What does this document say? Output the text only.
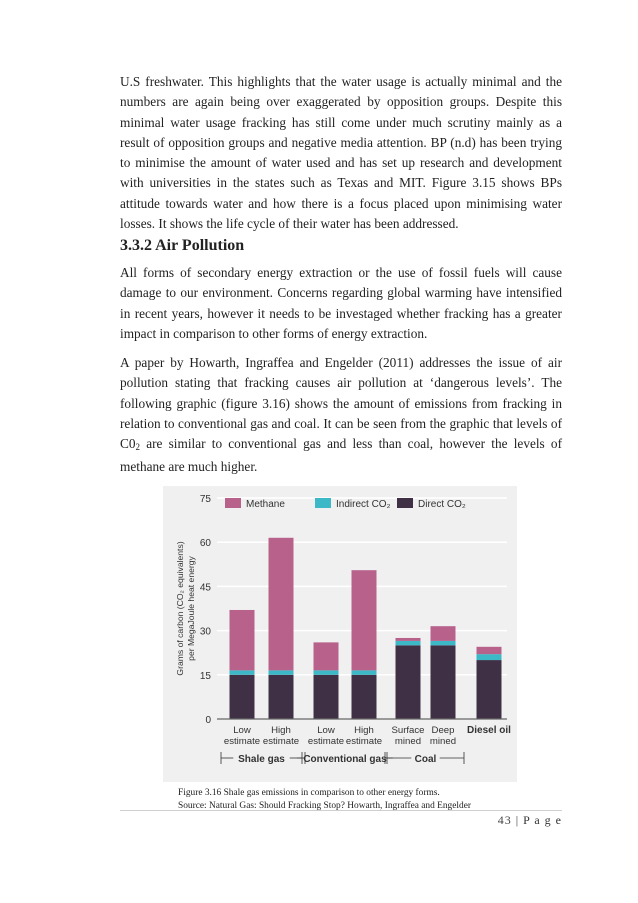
U.S freshwater. This highlights that the water usage is actually minimal and the numbers are again being over exaggerated by opposition groups. Despite this minimal water usage fracking has still come under much scrutiny mainly as a result of opposition groups and negative media attention. BP (n.d) has been trying to minimise the amount of water used and has set up research and development with universities in the states such as Texas and MIT. Figure 3.15 shows BPs attitude towards water and how there is a focus placed upon minimising water losses. It shows the life cycle of their water has been addressed.

3.3.2 Air Pollution

All forms of secondary energy extraction or the use of fossil fuels will cause damage to our environment. Concerns regarding global warming have intensified in recent years, however it needs to be investaged whether fracking has a greater impact in comparison to other forms of energy extraction.

A paper by Howarth, Ingraffea and Engelder (2011) addresses the issue of air pollution stating that fracking causes air pollution at ‘dangerous levels’. The following graphic (figure 3.16) shows the amount of emissions from fracking in relation to conventional gas and coal. It can be seen from the graphic that levels of C02 are similar to conventional gas and less than coal, however the levels of methane are much higher.

0
15
30
45
60
75
Grams of carbon (CO₂ equivalents) per MegaJoule heat energy
Low
estimate
High
estimate
Low
estimate
High
estimate
Surface
mined
Deep
mined
Diesel oil
Shale gas Conventional gas	Coal
Methane	Indirect CO₂	Direct CO₂
Figure 3.16 Shale gas emissions in comparison to other energy forms.
Source: Natural Gas: Should Fracking Stop? Howarth, Ingraffea and Engelder
43 | P a g e
